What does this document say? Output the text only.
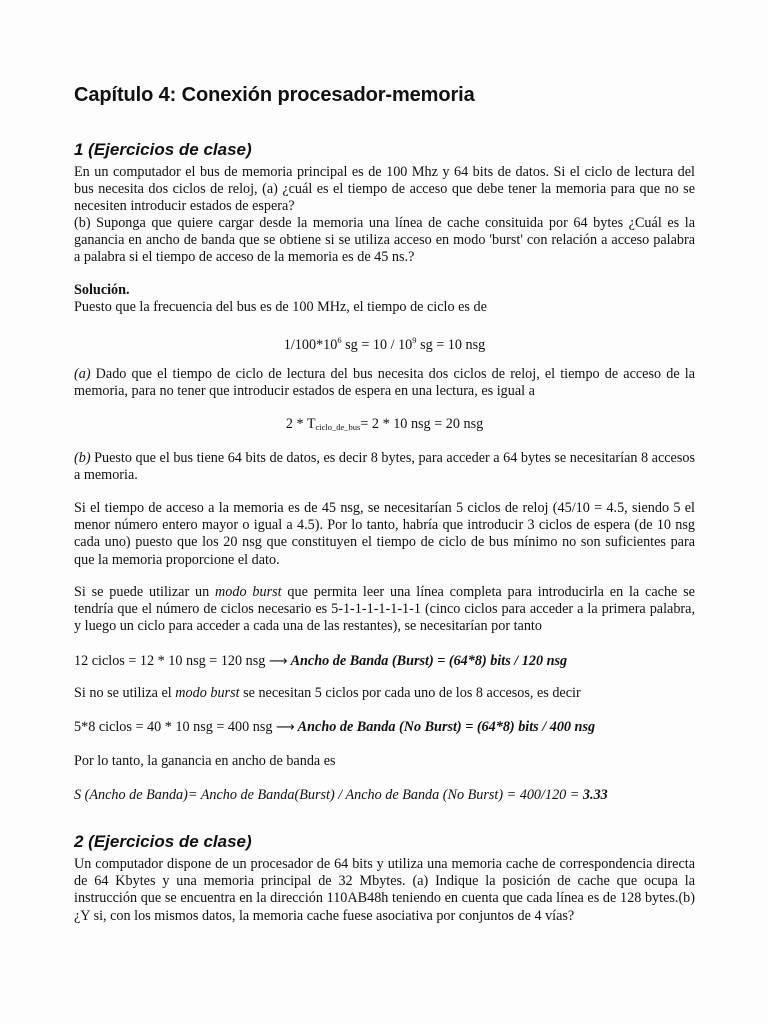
Capítulo 4: Conexión procesador-memoria
1 (Ejercicios de clase)
En un computador el bus de memoria principal es de 100 Mhz y 64 bits de datos. Si el ciclo de lectura del bus necesita dos ciclos de reloj, (a) ¿cuál es el tiempo de acceso que debe tener la memoria para que no se necesiten introducir estados de espera?
(b) Suponga que quiere cargar desde la memoria una línea de cache consituida por 64 bytes ¿Cuál es la ganancia en ancho de banda que se obtiene si se utiliza acceso en modo 'burst' con relación a acceso palabra a palabra si el tiempo de acceso de la memoria es de 45 ns.?
Solución.
Puesto que la frecuencia del bus es de 100 MHz, el tiempo de ciclo es de
$1/100*10^6$ sg = $10 / 10^9$ sg = 10 nsg
(a) Dado que el tiempo de ciclo de lectura del bus necesita dos ciclos de reloj, el tiempo de acceso de la memoria, para no tener que introducir estados de espera en una lectura, es igual a
$2 * T_{ciclo\_de\_bus}= 2 * 10$ nsg = 20 nsg
(b) Puesto que el bus tiene 64 bits de datos, es decir 8 bytes, para acceder a 64 bytes se necesitarían 8 accesos a memoria.
Si el tiempo de acceso a la memoria es de 45 nsg, se necesitarían 5 ciclos de reloj (45/10 = 4.5, siendo 5 el menor número entero mayor o igual a 4.5). Por lo tanto, habría que introducir 3 ciclos de espera (de 10 nsg cada uno) puesto que los 20 nsg que constituyen el tiempo de ciclo de bus mínimo no son suficientes para que la memoria proporcione el dato.
Si se puede utilizar un modo burst que permita leer una línea completa para introducirla en la cache se tendría que el número de ciclos necesario es 5-1-1-1-1-1-1-1 (cinco ciclos para acceder a la primera palabra, y luego un ciclo para acceder a cada una de las restantes), se necesitarían por tanto
12 ciclos = 12 * 10 nsg = 120 nsg ⟶ Ancho de Banda (Burst) = (64*8) bits / 120 nsg
Si no se utiliza el modo burst se necesitan 5 ciclos por cada uno de los 8 accesos, es decir
5*8 ciclos = 40 * 10 nsg = 400 nsg ⟶ Ancho de Banda (No Burst) = (64*8) bits / 400 nsg
Por lo tanto, la ganancia en ancho de banda es
S (Ancho de Banda)= Ancho de Banda(Burst) / Ancho de Banda (No Burst) = 400/120 = 3.33
2 (Ejercicios de clase)
Un computador dispone de un procesador de 64 bits y utiliza una memoria cache de correspondencia directa de 64 Kbytes y una memoria principal de 32 Mbytes. (a) Indique la posición de cache que ocupa la instrucción que se encuentra en la dirección 110AB48h teniendo en cuenta que cada línea es de 128 bytes.(b) ¿Y si, con los mismos datos, la memoria cache fuese asociativa por conjuntos de 4 vías?
